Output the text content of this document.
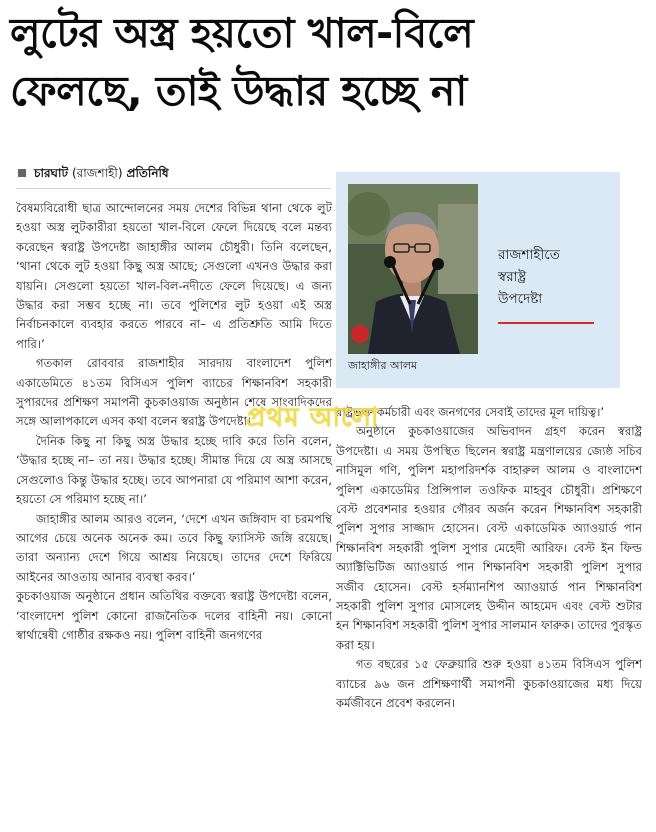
লুটের অস্ত্র হয়তো খাল-বিলে
ফেলছে, তাই উদ্ধার হচ্ছে না
চারঘাট (রাজশাহী) প্রতিনিধি
জাহাঙ্গীর আলম
রাজশাহীতে
স্বরাষ্ট্র
উপদেষ্টা

বৈষম্যবিরোধী ছাত্র আন্দোলনের সময় দেশের বিভিন্ন থানা থেকে লুট হওয়া অস্ত্র লুটকারীরা হয়তো খাল-বিলে ফেলে দিয়েছে বলে মন্তব্য করেছেন স্বরাষ্ট্র উপদেষ্টা জাহাঙ্গীর আলম চৌধুরী। তিনি বলেছেন, ‘থানা থেকে লুট হওয়া কিছু অস্ত্র আছে; সেগুলো এখনও উদ্ধার করা যায়নি। সেগুলো হয়তো খাল-বিল-নদীতে ফেলে দিয়েছে। এ জন্য উদ্ধার করা সম্ভব হচ্ছে না। তবে পুলিশের লুট হওয়া এই অস্ত্র নির্বাচনকালে ব্যবহার করতে পারবে না– এ প্রতিশ্রুতি আমি দিতে পারি।’

গতকাল রোববার রাজশাহীর সারদায় বাংলাদেশ পুলিশ একাডেমিতে ৪১তম বিসিএস পুলিশ ব্যাচের শিক্ষানবিশ সহকারী সুপারদের প্রশিক্ষণ সমাপনী কুচকাওয়াজ অনুষ্ঠান শেষে সাংবাদিকদের সঙ্গে আলাপকালে এসব কথা বলেন স্বরাষ্ট্র উপদেষ্টা।

দৈনিক কিছু না কিছু অস্ত্র উদ্ধার হচ্ছে দাবি করে তিনি বলেন, ‘উদ্ধার হচ্ছে না– তা নয়। উদ্ধার হচ্ছে। সীমান্ত দিয়ে যে অস্ত্র আসছে সেগুলোও কিন্তু উদ্ধার হচ্ছে। তবে আপনারা যে পরিমাণ আশা করেন, হয়তো সে পরিমাণ হচ্ছে না।’

জাহাঙ্গীর আলম আরও বলেন, ‘দেশে এখন জঙ্গিবাদ বা চরমপন্থি আগের চেয়ে অনেক অনেক কম। তবে কিছু ফ্যাসিস্ট জঙ্গি রয়েছে। তারা অন্যান্য দেশে গিয়ে আশ্রয় নিয়েছে। তাদের দেশে ফিরিয়ে আইনের আওতায় আনার ব্যবস্থা করব।’

কুচকাওয়াজ অনুষ্ঠানে প্রধান অতিথির বক্তব্যে স্বরাষ্ট্র উপদেষ্টা বলেন, ‘বাংলাদেশ পুলিশ কোনো রাজনৈতিক দলের বাহিনী নয়। কোনো স্বার্থান্বেষী গোষ্ঠীর রক্ষকও নয়। পুলিশ বাহিনী জনগণের

রাষ্ট্রভক্ত কর্মচারী এবং জনগণের সেবাই তাদের মূল দায়িত্ব।’

অনুষ্ঠানে কুচকাওয়াজের অভিবাদন গ্রহণ করেন স্বরাষ্ট্র উপদেষ্টা। এ সময় উপস্থিত ছিলেন স্বরাষ্ট্র মন্ত্রণালয়ের জ্যেষ্ঠ সচিব নাসিমুল গণি, পুলিশ মহাপরিদর্শক বাহারুল আলম ও বাংলাদেশ পুলিশ একাডেমির প্রিন্সিপাল তওফিক মাহবুব চৌধুরী। প্রশিক্ষণে বেস্ট প্রবেশনার হওয়ার গৌরব অর্জন করেন শিক্ষানবিশ সহকারী পুলিশ সুপার সাজ্জাদ হোসেন। বেস্ট একাডেমিক অ্যাওয়ার্ড পান শিক্ষানবিশ সহকারী পুলিশ সুপার মেহেদী আরিফ। বেস্ট ইন ফিল্ড অ্যাক্টিভিটিজ অ্যাওয়ার্ড পান শিক্ষানবিশ সহকারী পুলিশ সুপার সজীব হোসেন। বেস্ট হর্সম্যানশিপ অ্যাওয়ার্ড পান শিক্ষানবিশ সহকারী পুলিশ সুপার মোসলেহ উদ্দীন আহমেদ এবং বেস্ট শুটার হন শিক্ষানবিশ সহকারী পুলিশ সুপার সালমান ফারুক। তাদের পুরস্কৃত করা হয়।

গত বছরের ১৫ ফেব্রুয়ারি শুরু হওয়া ৪১তম বিসিএস পুলিশ ব্যাচের ৯৬ জন প্রশিক্ষণার্থী সমাপনী কুচকাওয়াজের মধ্য দিয়ে কর্মজীবনে প্রবেশ করলেন।

প্রথম আলো
